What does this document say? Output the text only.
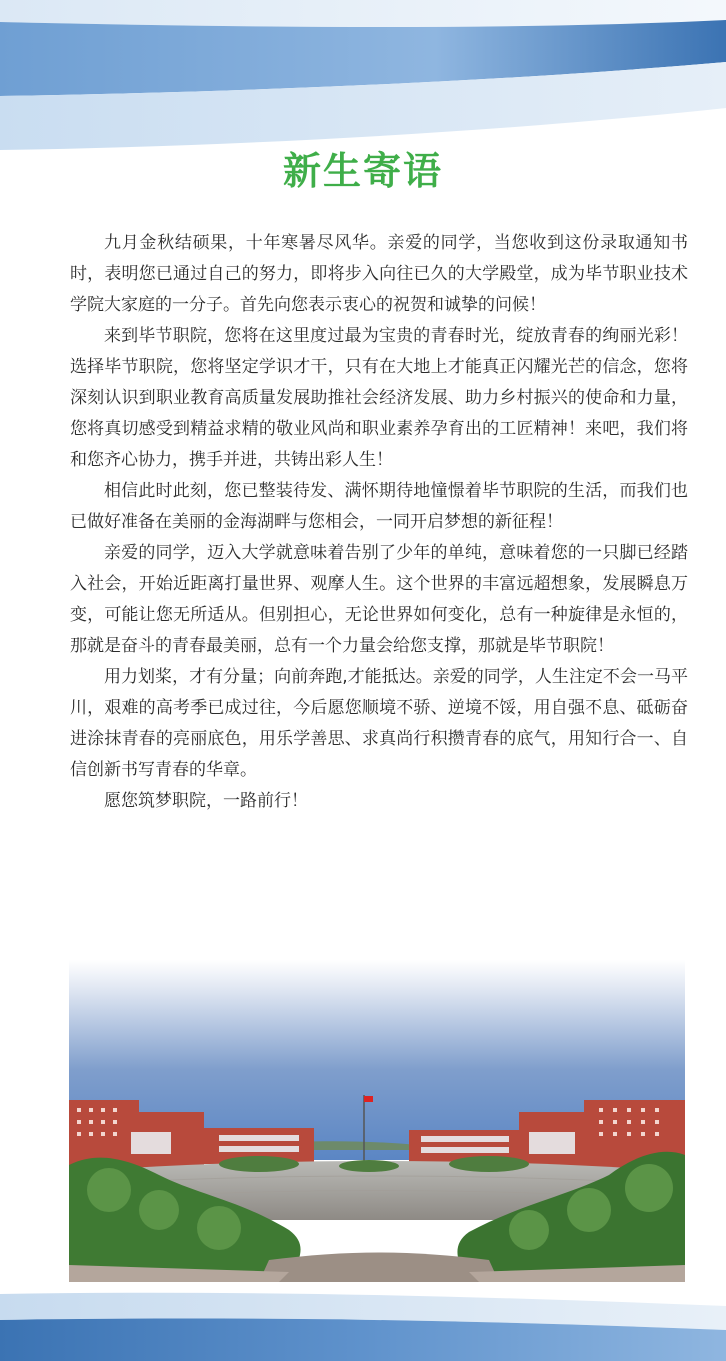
新生寄语

九月金秋结硕果，十年寒暑尽风华。亲爱的同学，当您收到这份录取通知书时，表明您已通过自己的努力，即将步入向往已久的大学殿堂，成为毕节职业技术学院大家庭的一分子。首先向您表示衷心的祝贺和诚挚的问候！

来到毕节职院，您将在这里度过最为宝贵的青春时光，绽放青春的绚丽光彩！选择毕节职院，您将坚定学识才干，只有在大地上才能真正闪耀光芒的信念，您将深刻认识到职业教育高质量发展助推社会经济发展、助力乡村振兴的使命和力量，您将真切感受到精益求精的敬业风尚和职业素养孕育出的工匠精神！来吧，我们将和您齐心协力，携手并进，共铸出彩人生！

相信此时此刻，您已整装待发、满怀期待地憧憬着毕节职院的生活，而我们也已做好准备在美丽的金海湖畔与您相会，一同开启梦想的新征程！

亲爱的同学，迈入大学就意味着告别了少年的单纯，意味着您的一只脚已经踏入社会，开始近距离打量世界、观摩人生。这个世界的丰富远超想象，发展瞬息万变，可能让您无所适从。但别担心，无论世界如何变化，总有一种旋律是永恒的，那就是奋斗的青春最美丽，总有一个力量会给您支撑，那就是毕节职院！

用力划桨，才有分量；向前奔跑,才能抵达。亲爱的同学，人生注定不会一马平川，艰难的高考季已成过往，今后愿您顺境不骄、逆境不馁，用自强不息、砥砺奋进涂抹青春的亮丽底色，用乐学善思、求真尚行积攒青春的底气，用知行合一、自信创新书写青春的华章。

愿您筑梦职院，一路前行！
